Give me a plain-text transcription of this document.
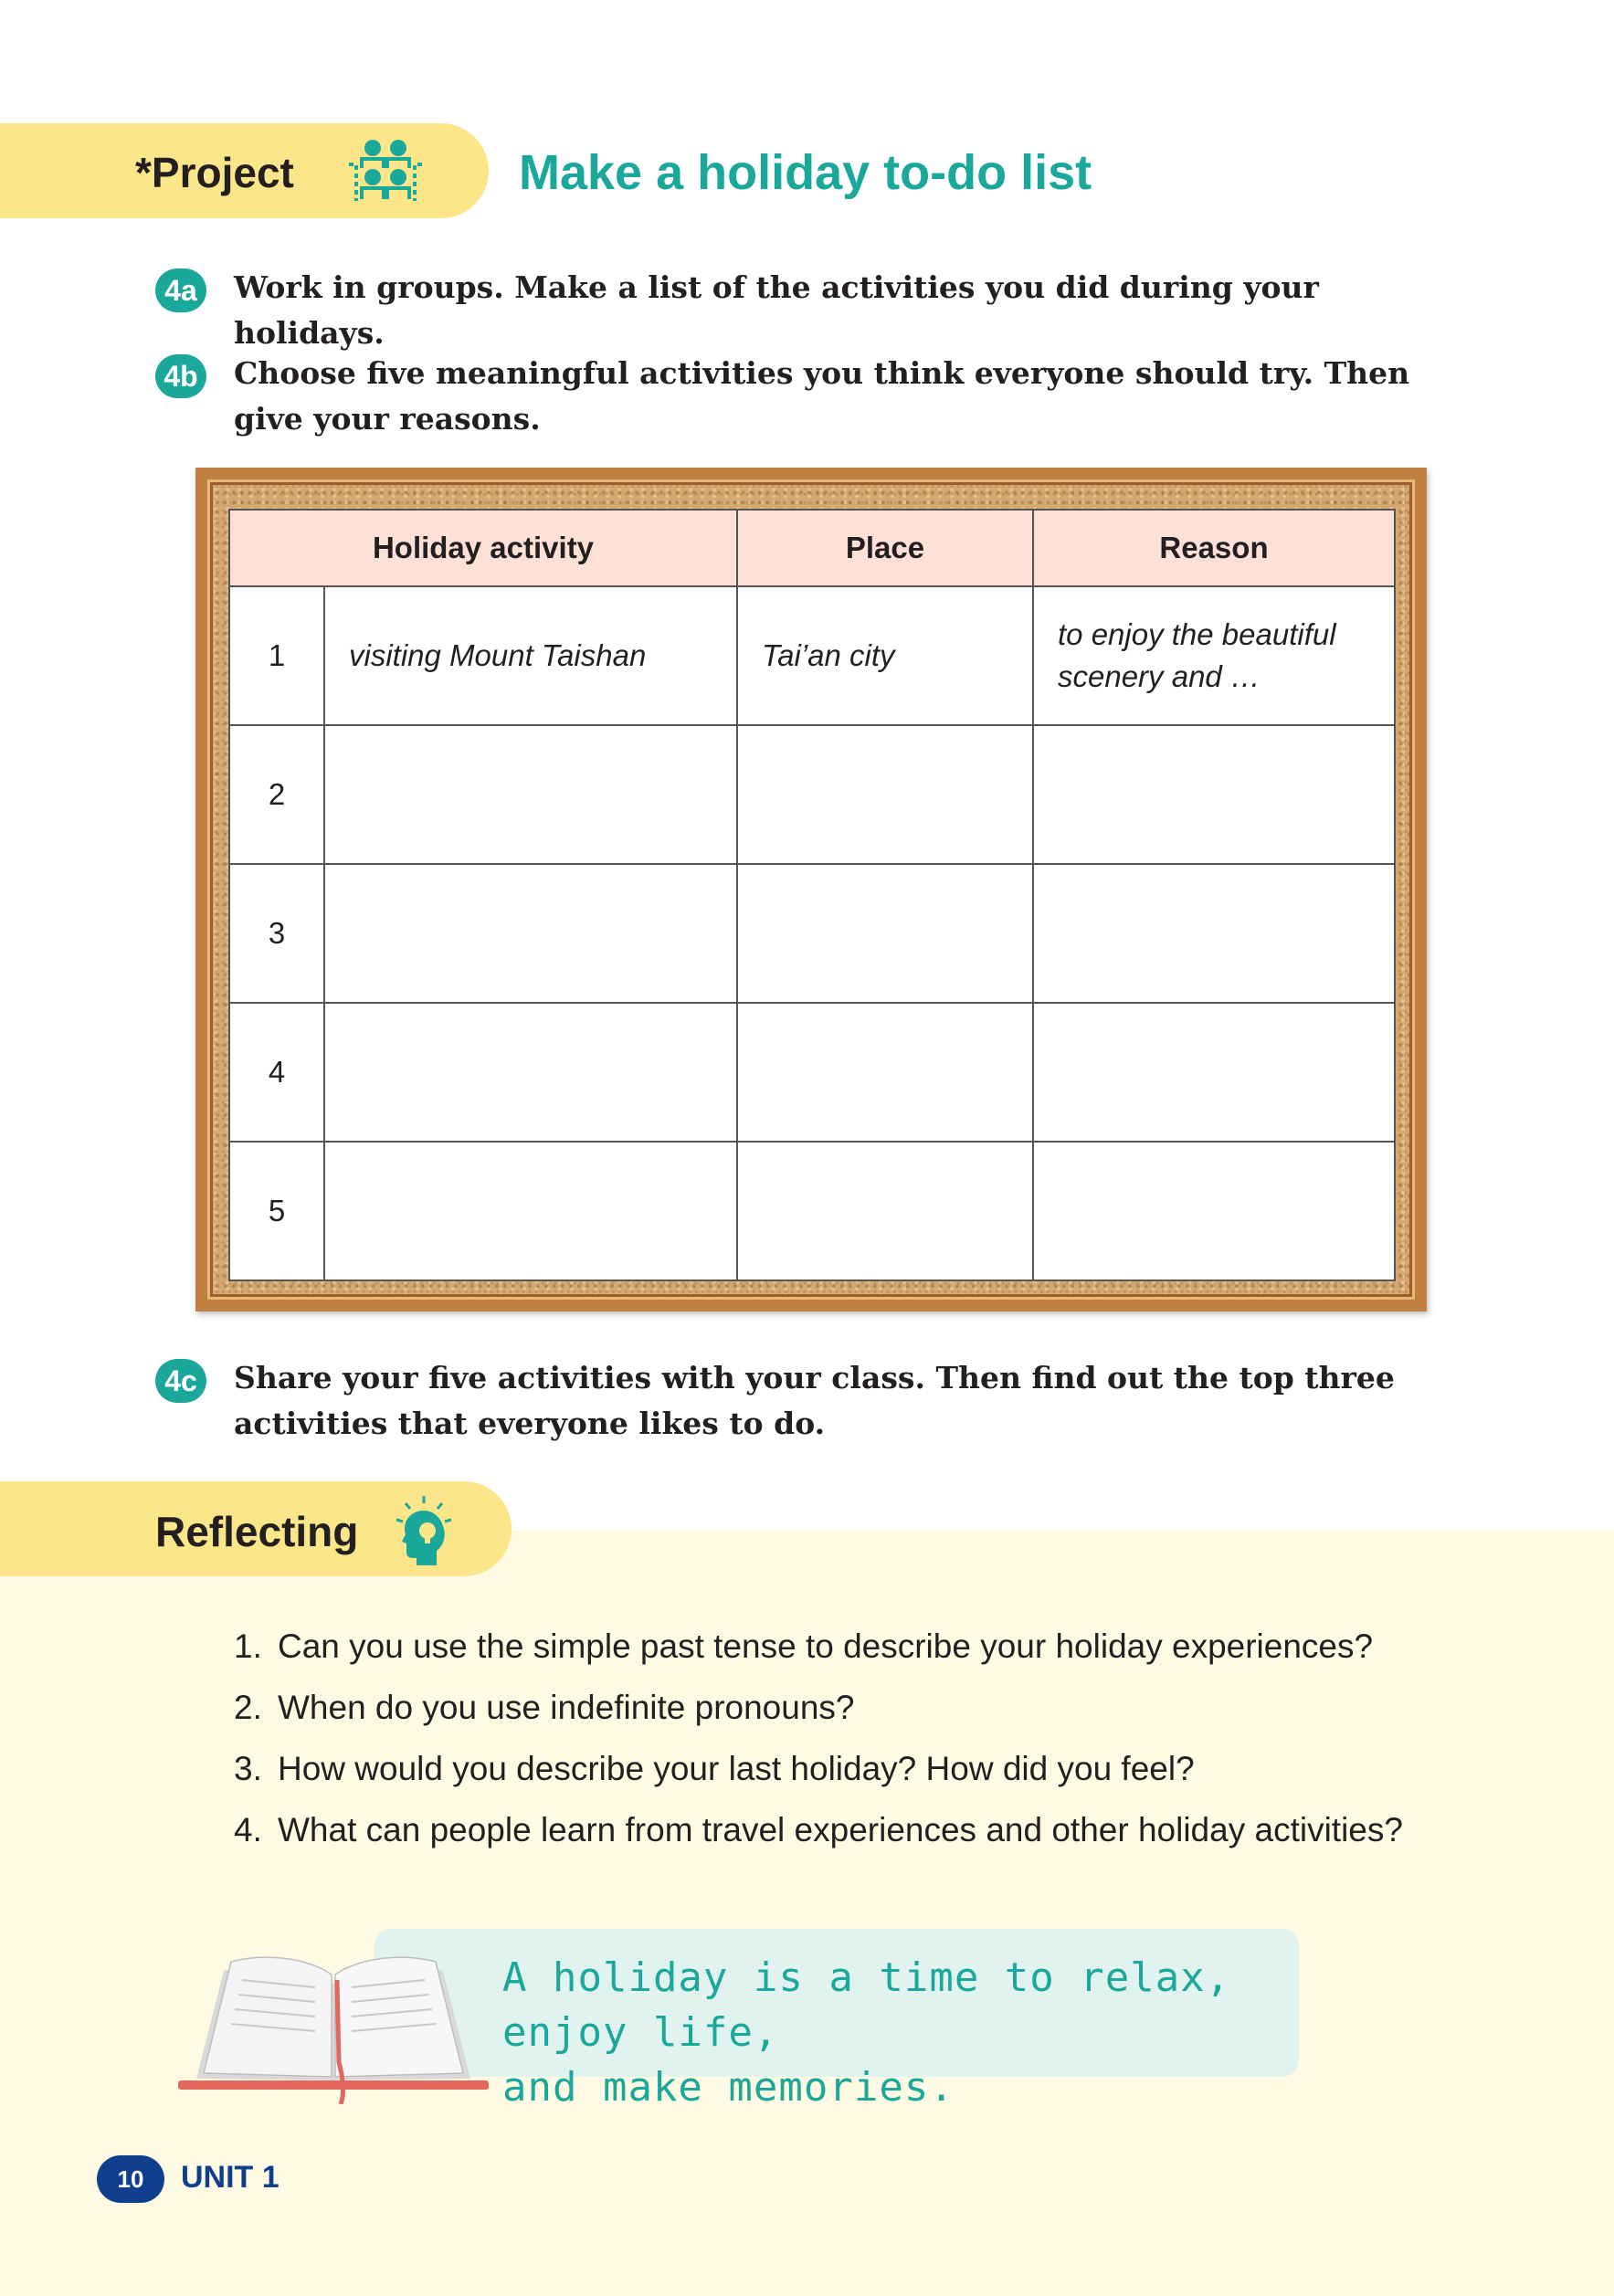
*Project	Make a holiday to-do list
4a	Work in groups. Make a list of the activities you did during your holidays.
4b Choose five meaningful activities you think everyone should try. Then give your reasons.
Holiday activity		Place	Reason
1	visiting Mount Taishan	Tai’an city	to enjoy the beautiful scenery and …
2			
3			
4			
5			
4c	Share your five activities with your class. Then find out the top three activities that everyone likes to do.
Reflecting
1. Can you use the simple past tense to describe your holiday experiences?
2. When do you use indefinite pronouns?
3. How would you describe your last holiday? How did you feel?
4. What can people learn from travel experiences and other holiday activities?
A holiday is a time to relax, enjoy life,
and make memories.
10	UNIT 1
